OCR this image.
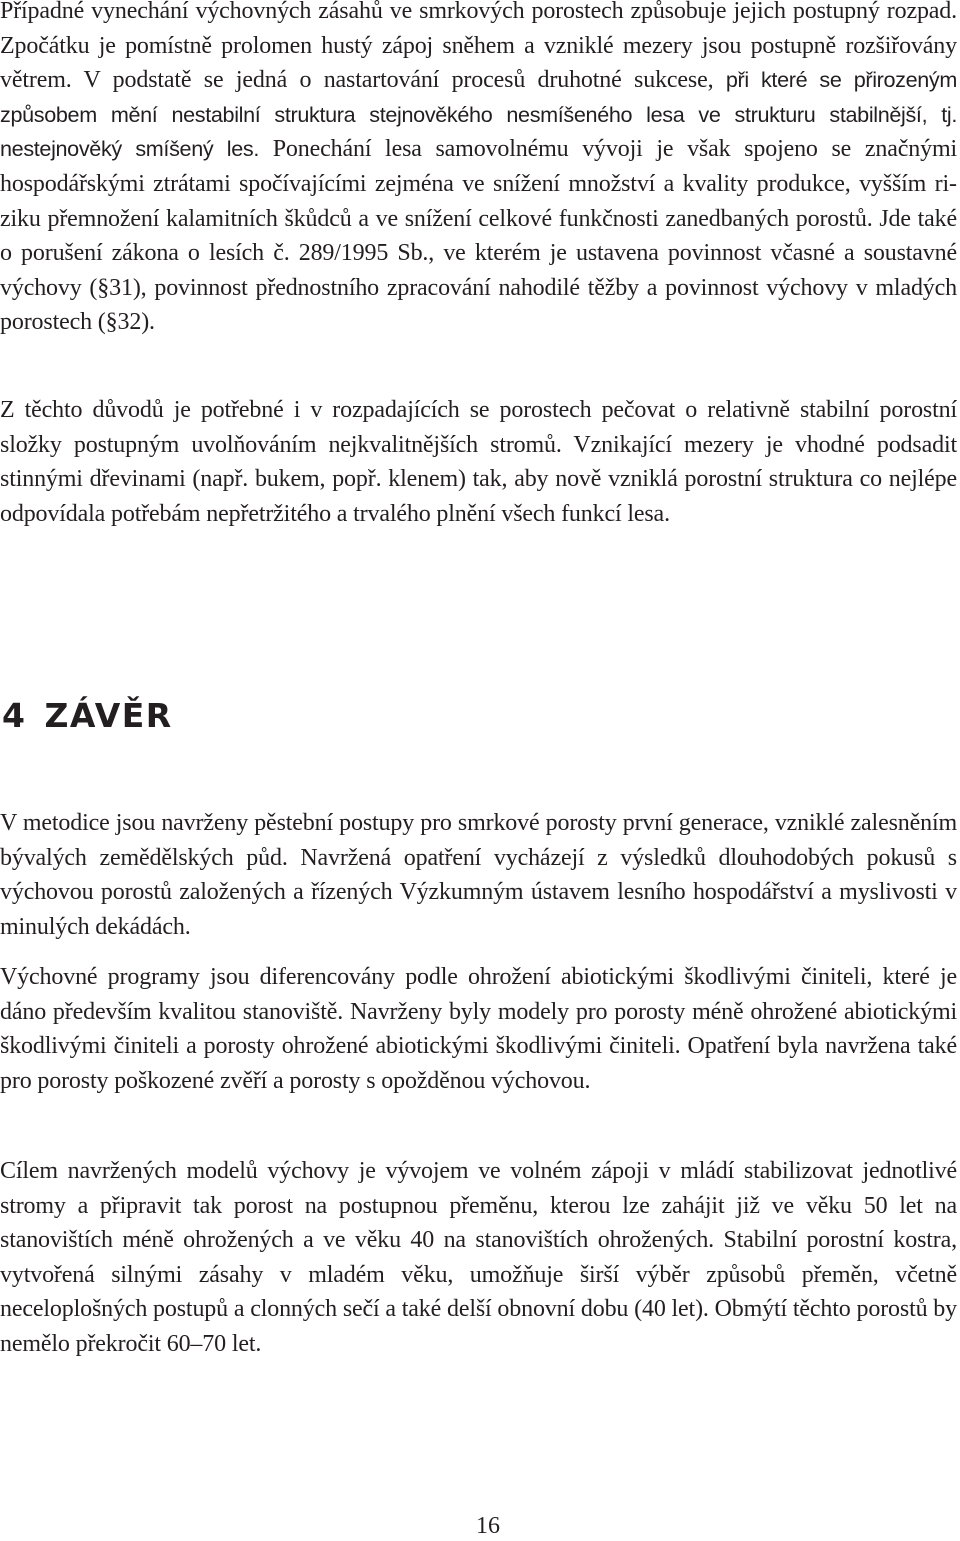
Případné vynechání výchovných zásahů ve smrkových porostech způsobuje jejich postupný rozpad. Zpočátku je pomístně prolomen hustý zápoj sněhem a vzniklé mezery jsou postupně rozšiřovány větrem. V podstatě se jedná o nastartování procesů druhotné sukcese, při které se přirozeným způsobem mění nestabilní struktura stejnověkého nesmíšeného lesa ve strukturu stabilnější, tj. nestejnověký smíšený les. Ponechání lesa samovolnému vývoji je však spojeno se značnými hospodářskými ztrátami spočívajícími zejména ve snížení množství a kvality produkce, vyšším riziku přemnožení kalamitních škůdců a ve snížení celkové funkčnosti zanedbaných porostů. Jde také o porušení zákona o lesích č. 289/1995 Sb., ve kterém je ustavena povinnost včasné a soustavné výchovy (§31), povinnost přednostního zpracování nahodilé těžby a povinnost výchovy v mladých porostech (§32).

Z těchto důvodů je potřebné i v rozpadajících se porostech pečovat o relativně stabilní porostní složky postupným uvolňováním nejkvalitnějších stromů. Vznikající mezery je vhodné podsadit stinnými dřevinami (např. bukem, popř. klenem) tak, aby nově vzniklá porostní struktura co nejlépe odpovídala potřebám nepřetržitého a trvalého plnění všech funkcí lesa.

4 ZÁVĚR

V metodice jsou navrženy pěstební postupy pro smrkové porosty první generace, vzniklé zalesněním bývalých zemědělských půd. Navržená opatření vycházejí z výsledků dlouhodobých pokusů s výchovou porostů založených a řízených Výzkumným ústavem lesního hospodářství a myslivosti v minulých dekádách.

Výchovné programy jsou diferencovány podle ohrožení abiotickými škodlivými činiteli, které je dáno především kvalitou stanoviště. Navrženy byly modely pro porosty méně ohrožené abiotickými škodlivými činiteli a porosty ohrožené abiotickými škodlivými činiteli. Opatření byla navržena také pro porosty poškozené zvěří a porosty s opožděnou výchovou.

Cílem navržených modelů výchovy je vývojem ve volném zápoji v mládí stabilizovat jednotlivé stromy a připravit tak porost na postupnou přeměnu, kterou lze zahájit již ve věku 50 let na stanovištích méně ohrožených a ve věku 40 na stanovištích ohrožených. Stabilní porostní kostra, vytvořená silnými zásahy v mladém věku, umožňuje širší výběr způsobů přeměn, včetně neceloplošných postupů a clonných sečí a také delší obnovní dobu (40 let). Obmýtí těchto porostů by nemělo překročit 60–70 let.

16
